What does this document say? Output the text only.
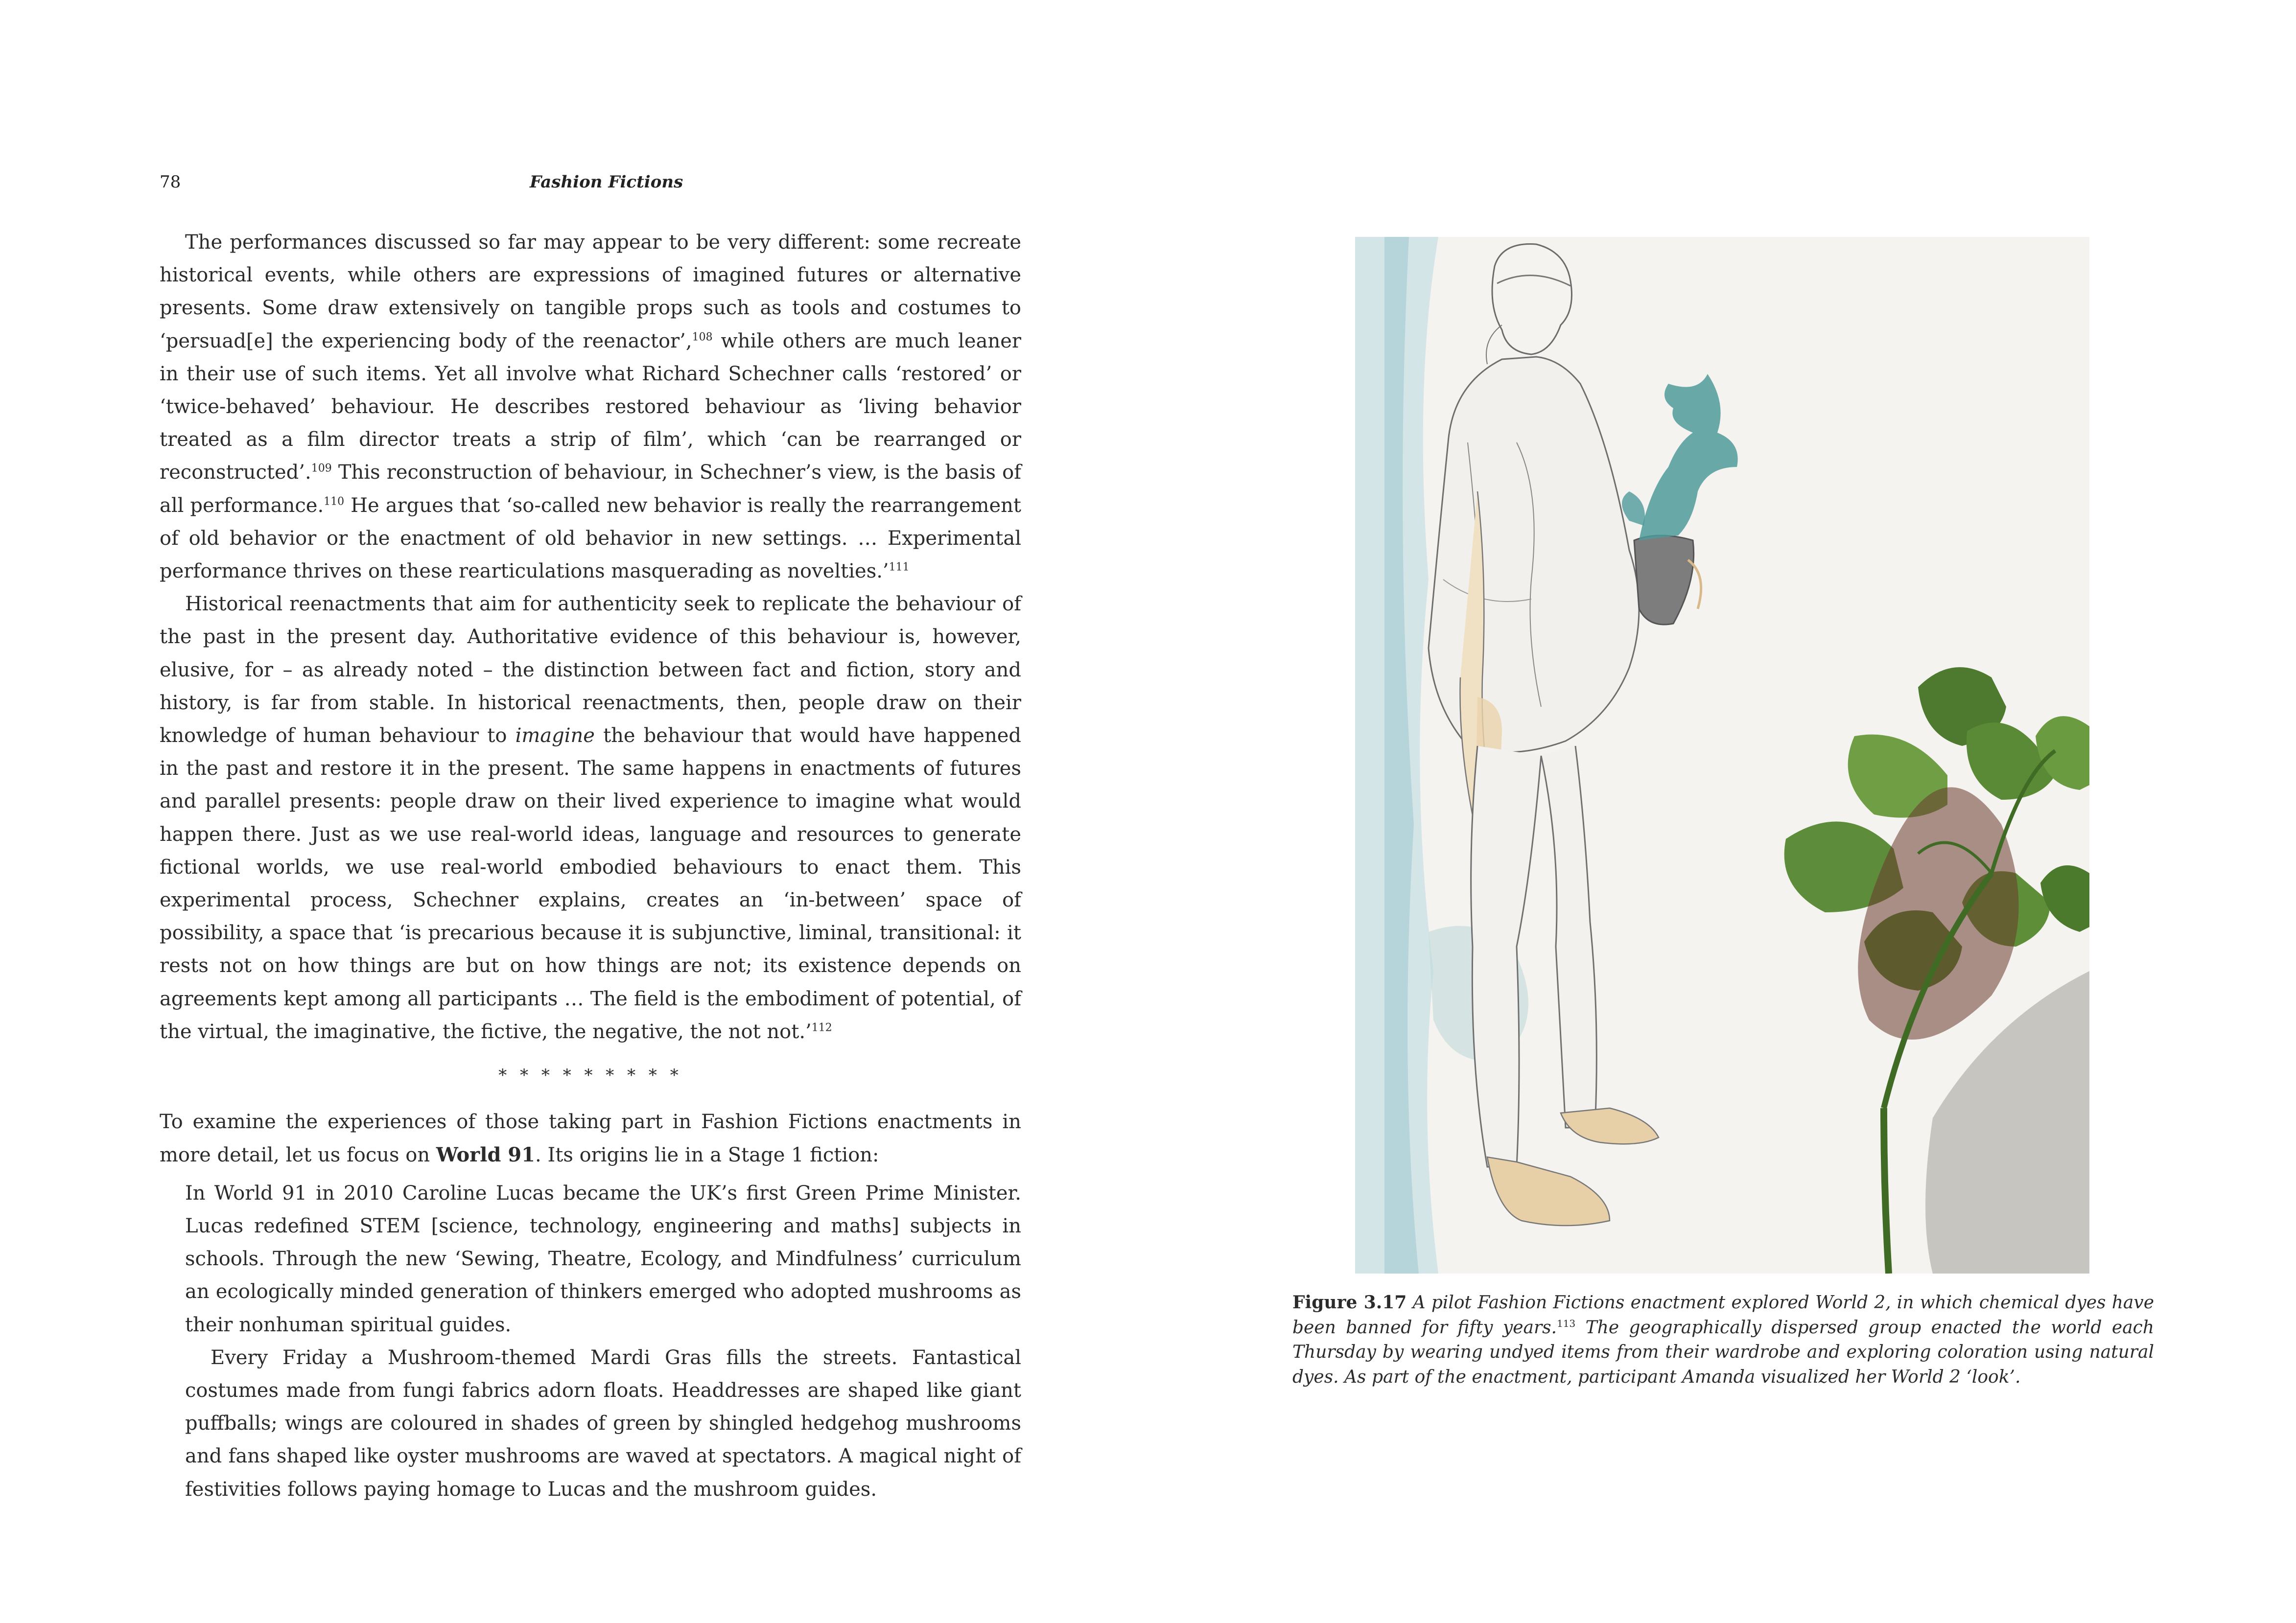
78	Fashion Fictions

The performances discussed so far may appear to be very different: some recreate historical events, while others are expressions of imagined futures or alternative presents. Some draw extensively on tangible props such as tools and costumes to ‘persuad[e] the experiencing body of the reenactor’,$^{108}$ while others are much leaner in their use of such items. Yet all involve what Richard Schechner calls ‘restored’ or ‘twice-behaved’ behaviour. He describes restored behaviour as ‘living behavior treated as a film director treats a strip of film’, which ‘can be rearranged or reconstructed’.$^{109}$ This reconstruction of behaviour, in Schechner’s view, is the basis of all performance.$^{110}$ He argues that ‘so-called new behavior is really the rearrangement of old behavior or the enactment of old behavior in new settings. … Experimental performance thrives on these rearticulations masquerading as novelties.’$^{111}$

Historical reenactments that aim for authenticity seek to replicate the behaviour of the past in the present day. Authoritative evidence of this behaviour is, however, elusive, for – as already noted – the distinction between fact and fiction, story and history, is far from stable. In historical reenactments, then, people draw on their knowledge of human behaviour to imagine the behaviour that would have happened in the past and restore it in the present. The same happens in enactments of futures and parallel presents: people draw on their lived experience to imagine what would happen there. Just as we use real-world ideas, language and resources to generate fictional worlds, we use real-world embodied behaviours to enact them. This experimental process, Schechner explains, creates an ‘in-between’ space of possibility, a space that ‘is precarious because it is subjunctive, liminal, transitional: it rests not on how things are but on how things are not; its existence depends on agreements kept among all participants … The field is the embodiment of potential, of the virtual, the imaginative, the fictive, the negative, the not not.’$^{112}$

* * * * * * * * *

To examine the experiences of those taking part in Fashion Fictions enactments in more detail, let us focus on World 91. Its origins lie in a Stage 1 fiction:

In World 91 in 2010 Caroline Lucas became the UK’s first Green Prime Minister. Lucas redefined STEM [science, technology, engineering and maths] subjects in schools. Through the new ‘Sewing, Theatre, Ecology, and Mindfulness’ curriculum an ecologically minded generation of thinkers emerged who adopted mushrooms as their nonhuman spiritual guides.

Every Friday a Mushroom-themed Mardi Gras fills the streets. Fantastical costumes made from fungi fabrics adorn floats. Headdresses are shaped like giant puffballs; wings are coloured in shades of green by shingled hedgehog mushrooms and fans shaped like oyster mushrooms are waved at spectators. A magical night of festivities follows paying homage to Lucas and the mushroom guides.

Figure 3.17 A pilot Fashion Fictions enactment explored World 2, in which chemical dyes have been banned for fifty years.$^{113}$ The geographically dispersed group enacted the world each Thursday by wearing undyed items from their wardrobe and exploring coloration using natural dyes. As part of the enactment, participant Amanda visualized her World 2 ‘look’.
